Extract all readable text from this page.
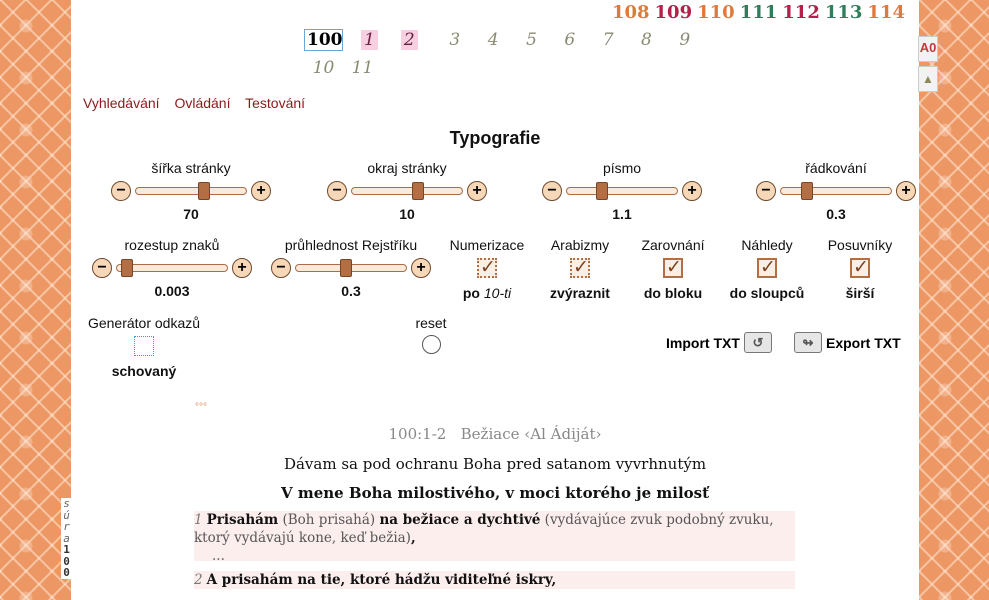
108 109 110 111 112 113 114
100 1 2	3	4	5	6	7	8	9
10	11
Vyhledávání Ovládání Testování
Typografie
šířka stránky
−	+
70
okraj stránky
−	+
10
písmo
−	+
1.1
řádkování
−	+
0.3
rozestup znaků
−	+
0.003
průhlednost Rejstříku
−	+
0.3
Numerizace
✓
po 10-ti
Arabizmy
✓
zvýraznit
Zarovnání
✓
do bloku
Náhledy
✓
do sloupců
Posuvníky
✓
širší
Generátor odkazů
schovaný
reset
Import TXT ↺	↬ Export TXT
°°°
100:1-2 Bežiace ‹Al Ádiját›
Dávam sa pod ochranu Boha pred satanom vyvrhnutým
V mene Boha milostivého, v moci ktorého je milosť
1 Prisahám (Boh prisahá) na bežiace a dychtivé (vydávajúce zvuk podobný zvuku, ktorý vydávajú kone, keď bežia),
...
2 A prisahám na tie, ktoré hádžu viditeľné iskry,
A0
▲
s
ú
r
a
1
0
0
